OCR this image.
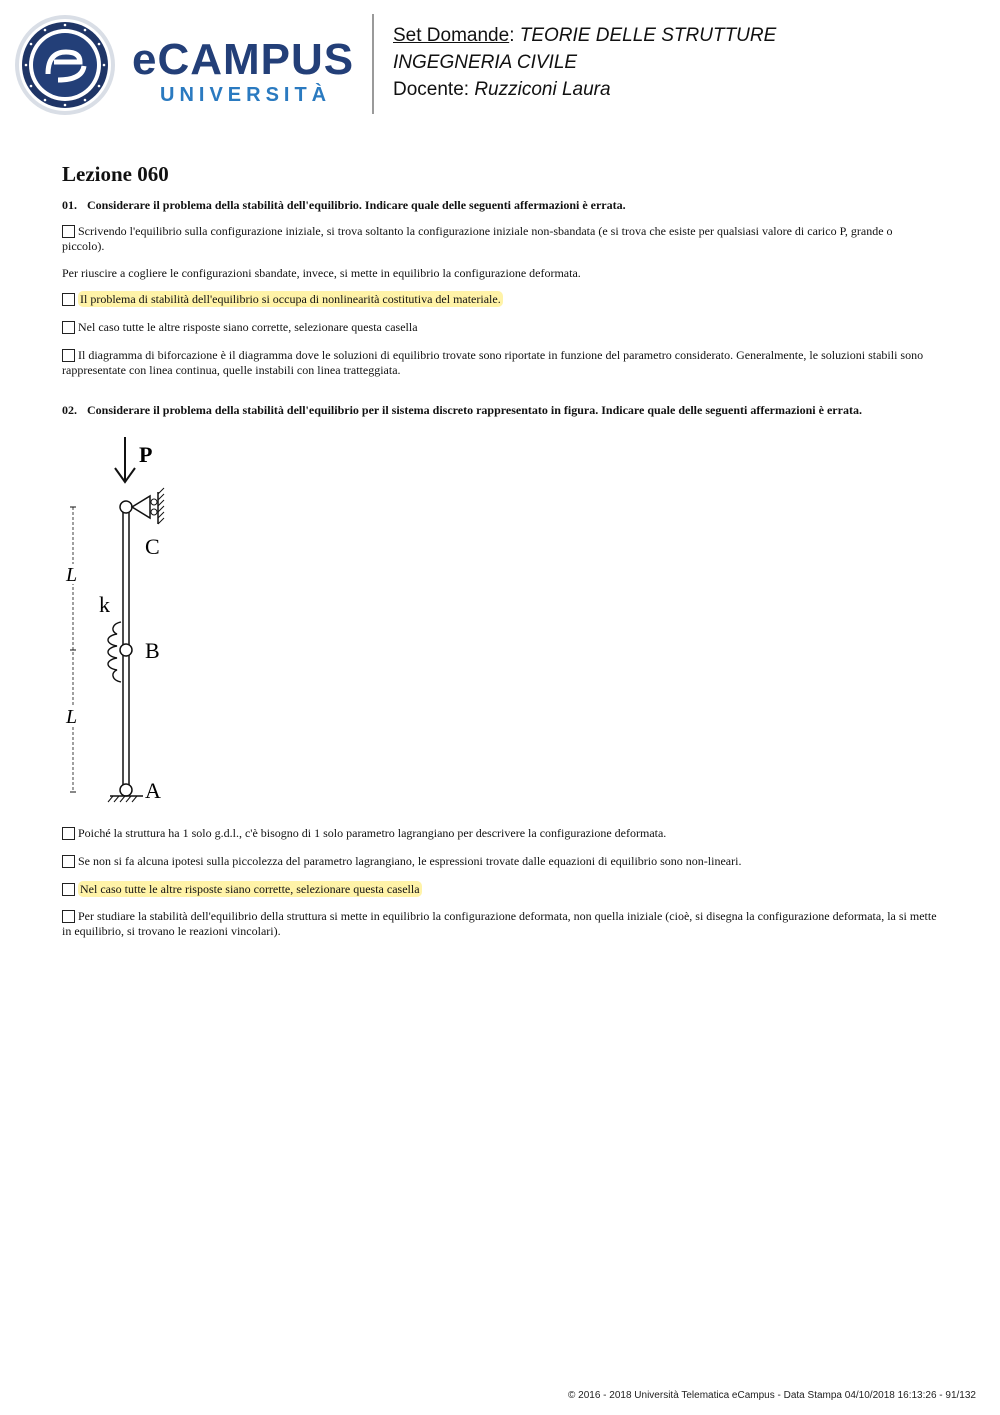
eCAMPUS
UNIVERSITÀ
Set Domande: TEORIE DELLE STRUTTURE
INGEGNERIA CIVILE
Docente: Ruzziconi Laura
Lezione 060
01. Considerare il problema della stabilità dell'equilibrio. Indicare quale delle seguenti affermazioni è errata.
Scrivendo l'equilibrio sulla configurazione iniziale, si trova soltanto la configurazione iniziale non-sbandata (e si trova che esiste per qualsiasi valore di carico P, grande o piccolo).
Per riuscire a cogliere le configurazioni sbandate, invece, si mette in equilibrio la configurazione deformata.
Il problema di stabilità dell'equilibrio si occupa di nonlinearità costitutiva del materiale.
Nel caso tutte le altre risposte siano corrette, selezionare questa casella
Il diagramma di biforcazione è il diagramma dove le soluzioni di equilibrio trovate sono riportate in funzione del parametro considerato. Generalmente, le soluzioni stabili sono rappresentate con linea continua, quelle instabili con linea tratteggiata.
02. Considerare il problema della stabilità dell'equilibrio per il sistema discreto rappresentato in figura. Indicare quale delle seguenti affermazioni è errata.
P
C
k
B
A
L
L
Poiché la struttura ha 1 solo g.d.l., c'è bisogno di 1 solo parametro lagrangiano per descrivere la configurazione deformata.
Se non si fa alcuna ipotesi sulla piccolezza del parametro lagrangiano, le espressioni trovate dalle equazioni di equilibrio sono non-lineari.
Nel caso tutte le altre risposte siano corrette, selezionare questa casella
Per studiare la stabilità dell'equilibrio della struttura si mette in equilibrio la configurazione deformata, non quella iniziale (cioè, si disegna la configurazione deformata, la si mette in equilibrio, si trovano le reazioni vincolari).
© 2016 - 2018 Università Telematica eCampus - Data Stampa 04/10/2018 16:13:26 - 91/132
